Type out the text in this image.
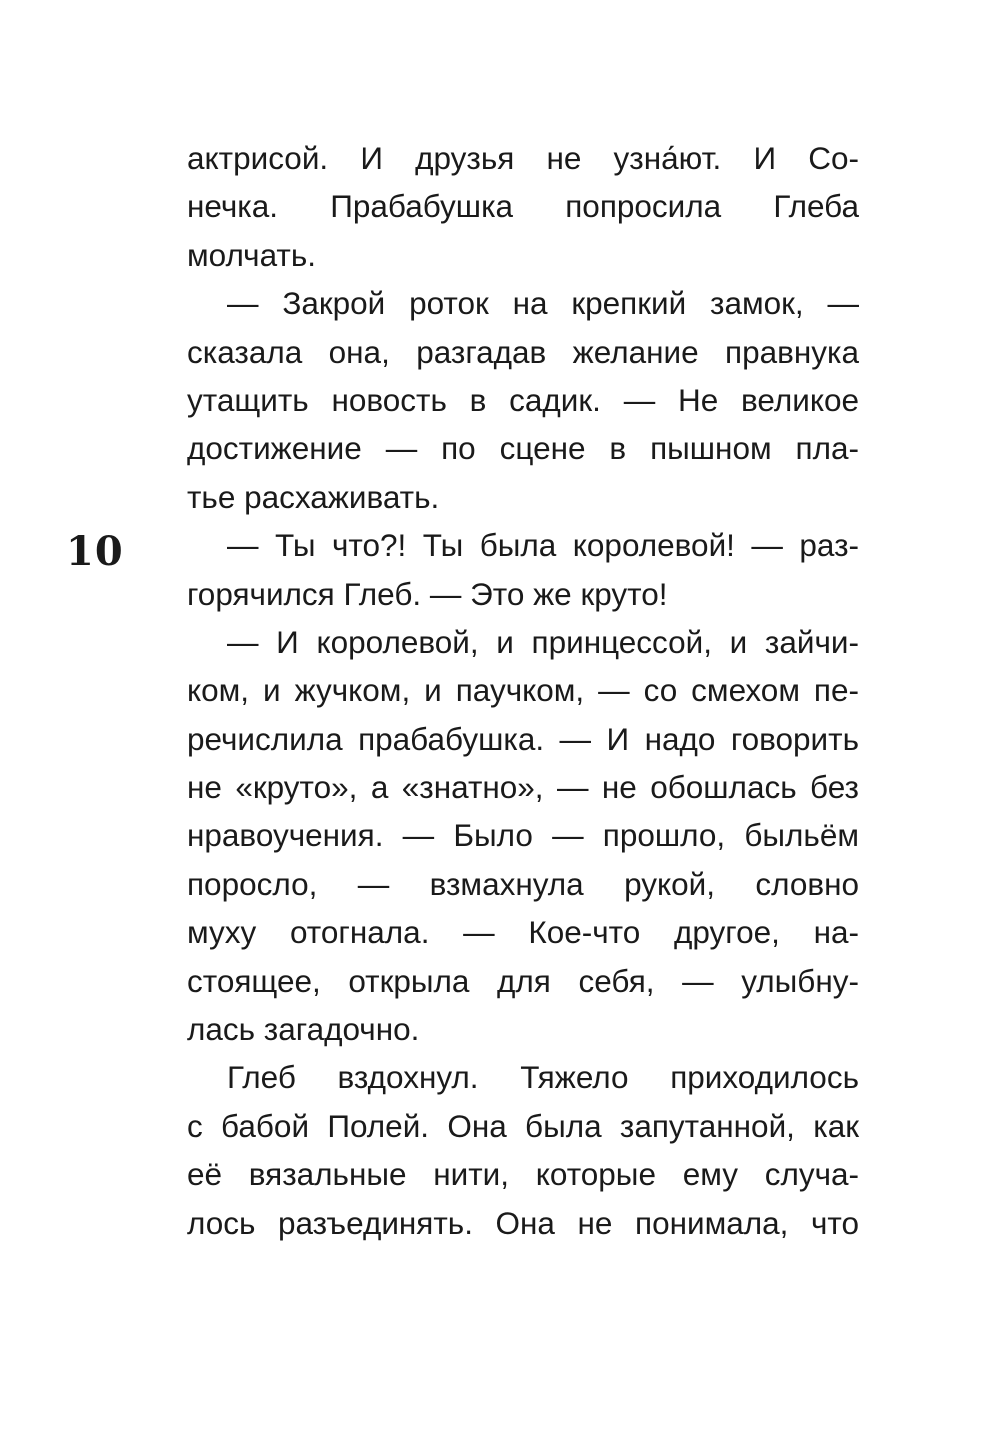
10
актрисой. И друзья не узна́ют. И Со-
нечка. Прабабушка попросила Глеба
молчать.
— Закрой роток на крепкий замок, —
сказала она, разгадав желание правнука
утащить новость в садик. — Не великое
достижение — по сцене в пышном пла-
тье расхаживать.
— Ты что?! Ты была королевой! — раз-
горячился Глеб. — Это же круто!
— И королевой, и принцессой, и зайчи-
ком, и жучком, и паучком, — со смехом пе-
речислила прабабушка. — И надо говорить
не «круто», а «знатно», — не обошлась без
нравоучения. — Было — прошло, быльём
поросло, — взмахнула рукой, словно
муху отогнала. — Кое-что другое, на-
стоящее, открыла для себя, — улыбну-
лась загадочно.
Глеб вздохнул. Тяжело приходилось
с бабой Полей. Она была запутанной, как
её вязальные нити, которые ему случа-
лось разъединять. Она не понимала, что
